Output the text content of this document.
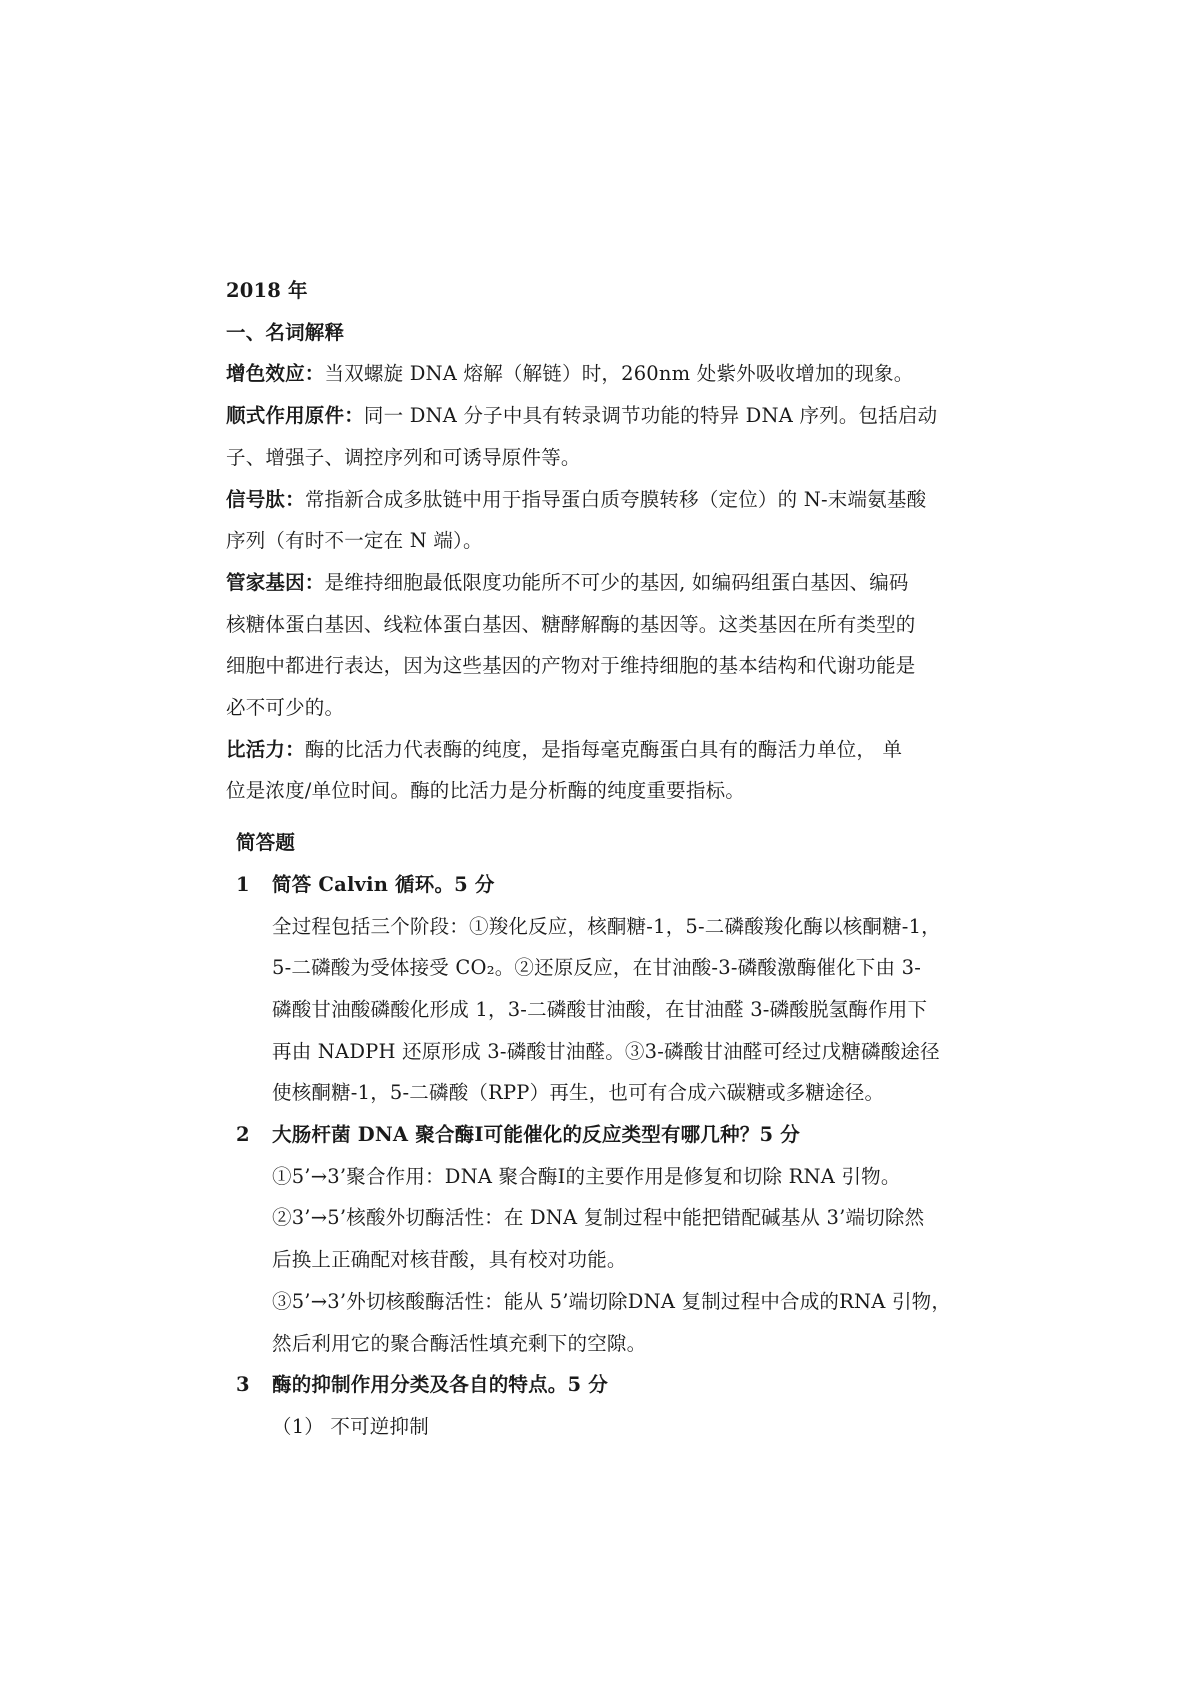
2018 年
一、名词解释
增色效应：当双螺旋 DNA 熔解（解链）时，260nm 处紫外吸收增加的现象。
顺式作用原件：同一 DNA 分子中具有转录调节功能的特异 DNA 序列。包括启动
子、增强子、调控序列和可诱导原件等。
信号肽：常指新合成多肽链中用于指导蛋白质夸膜转移（定位）的 N-末端氨基酸
序列（有时不一定在 N 端）。
管家基因：是维持细胞最低限度功能所不可少的基因, 如编码组蛋白基因、编码
核糖体蛋白基因、线粒体蛋白基因、糖酵解酶的基因等。这类基因在所有类型的
细胞中都进行表达，因为这些基因的产物对于维持细胞的基本结构和代谢功能是
必不可少的。
比活力：酶的比活力代表酶的纯度，是指每毫克酶蛋白具有的酶活力单位， 单
位是浓度/单位时间。酶的比活力是分析酶的纯度重要指标。
简答题
1	简答 Calvin 循环。5 分
全过程包括三个阶段：①羧化反应，核酮糖-1，5-二磷酸羧化酶以核酮糖-1，
5-二磷酸为受体接受 CO₂。②还原反应，在甘油酸-3-磷酸激酶催化下由 3-
磷酸甘油酸磷酸化形成 1，3-二磷酸甘油酸，在甘油醛 3-磷酸脱氢酶作用下
再由 NADPH 还原形成 3-磷酸甘油醛。③3-磷酸甘油醛可经过戊糖磷酸途径
使核酮糖-1，5-二磷酸（RPP）再生，也可有合成六碳糖或多糖途径。
2	大肠杆菌 DNA 聚合酶Ⅰ可能催化的反应类型有哪几种？5 分
①5’→3’聚合作用：DNA 聚合酶Ⅰ的主要作用是修复和切除 RNA 引物。
②3’→5’核酸外切酶活性：在 DNA 复制过程中能把错配碱基从 3’端切除然
后换上正确配对核苷酸，具有校对功能。
③5’→3’外切核酸酶活性：能从 5’端切除DNA 复制过程中合成的RNA 引物，
然后利用它的聚合酶活性填充剩下的空隙。
3	酶的抑制作用分类及各自的特点。5 分
（1） 不可逆抑制
